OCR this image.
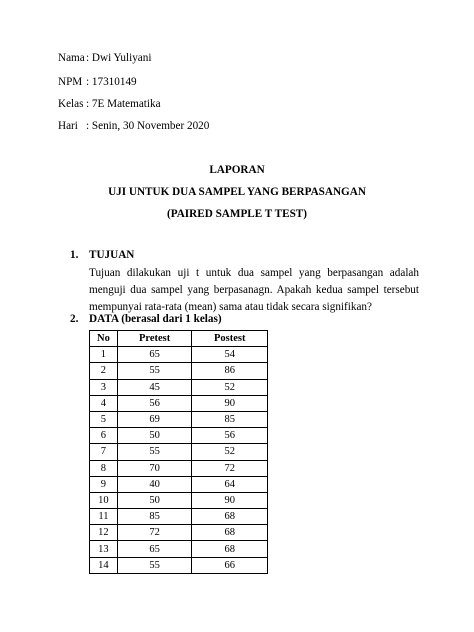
Nama : Dwi Yuliyani
NPM : 17310149
Kelas : 7E Matematika
Hari : Senin, 30 November 2020
LAPORAN
UJI UNTUK DUA SAMPEL YANG BERPASANGAN
(PAIRED SAMPLE T TEST)
1. TUJUAN
Tujuan dilakukan uji t untuk dua sampel yang berpasangan adalah menguji dua sampel yang berpasanagn. Apakah kedua sampel tersebut mempunyai rata-rata (mean) sama atau tidak secara signifikan?
2. DATA (berasal dari 1 kelas)
No	Pretest	Postest
1	65	54
2	55	86
3	45	52
4	56	90
5	69	85
6	50	56
7	55	52
8	70	72
9	40	64
10	50	90
11	85	68
12	72	68
13	65	68
14	55	66
